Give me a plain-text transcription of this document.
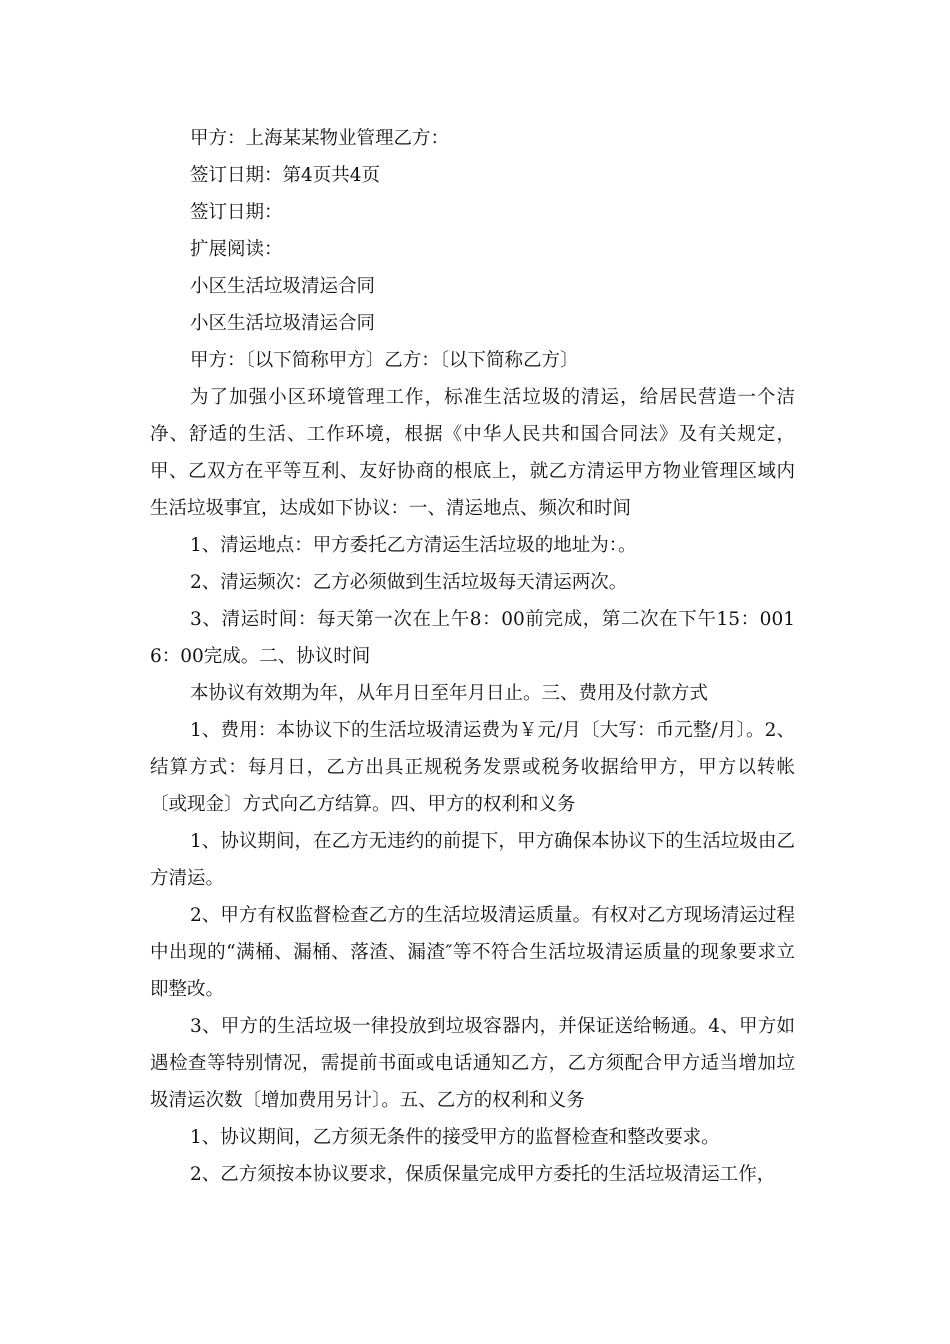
甲方：上海某某物业管理乙方：

签订日期：第4页共4页

签订日期：

扩展阅读：

小区生活垃圾清运合同

小区生活垃圾清运合同

甲方：〔以下简称甲方〕乙方：〔以下简称乙方〕

为了加强小区环境管理工作，标准生活垃圾的清运，给居民营造一个洁净、舒适的生活、工作环境，根据《中华人民共和国合同法》及有关规定，甲、乙双方在平等互利、友好协商的根底上，就乙方清运甲方物业管理区域内生活垃圾事宜，达成如下协议：一、清运地点、频次和时间

1、清运地点：甲方委托乙方清运生活垃圾的地址为：。

2、清运频次：乙方必须做到生活垃圾每天清运两次。

3、清运时间：每天第一次在上午8：00前完成，第二次在下午15：0016：00完成。二、协议时间

本协议有效期为年，从年月日至年月日止。三、费用及付款方式

1、费用：本协议下的生活垃圾清运费为￥元/月〔大写：币元整/月〕。2、结算方式：每月日，乙方出具正规税务发票或税务收据给甲方，甲方以转帐〔或现金〕方式向乙方结算。四、甲方的权利和义务

1、协议期间，在乙方无违约的前提下，甲方确保本协议下的生活垃圾由乙方清运。

2、甲方有权监督检查乙方的生活垃圾清运质量。有权对乙方现场清运过程中出现的“满桶、漏桶、落渣、漏渣″等不符合生活垃圾清运质量的现象要求立即整改。

3、甲方的生活垃圾一律投放到垃圾容器内，并保证送给畅通。4、甲方如遇检查等特别情况，需提前书面或电话通知乙方，乙方须配合甲方适当增加垃圾清运次数〔增加费用另计〕。五、乙方的权利和义务

1、协议期间，乙方须无条件的接受甲方的监督检查和整改要求。

2、乙方须按本协议要求，保质保量完成甲方委托的生活垃圾清运工作，
